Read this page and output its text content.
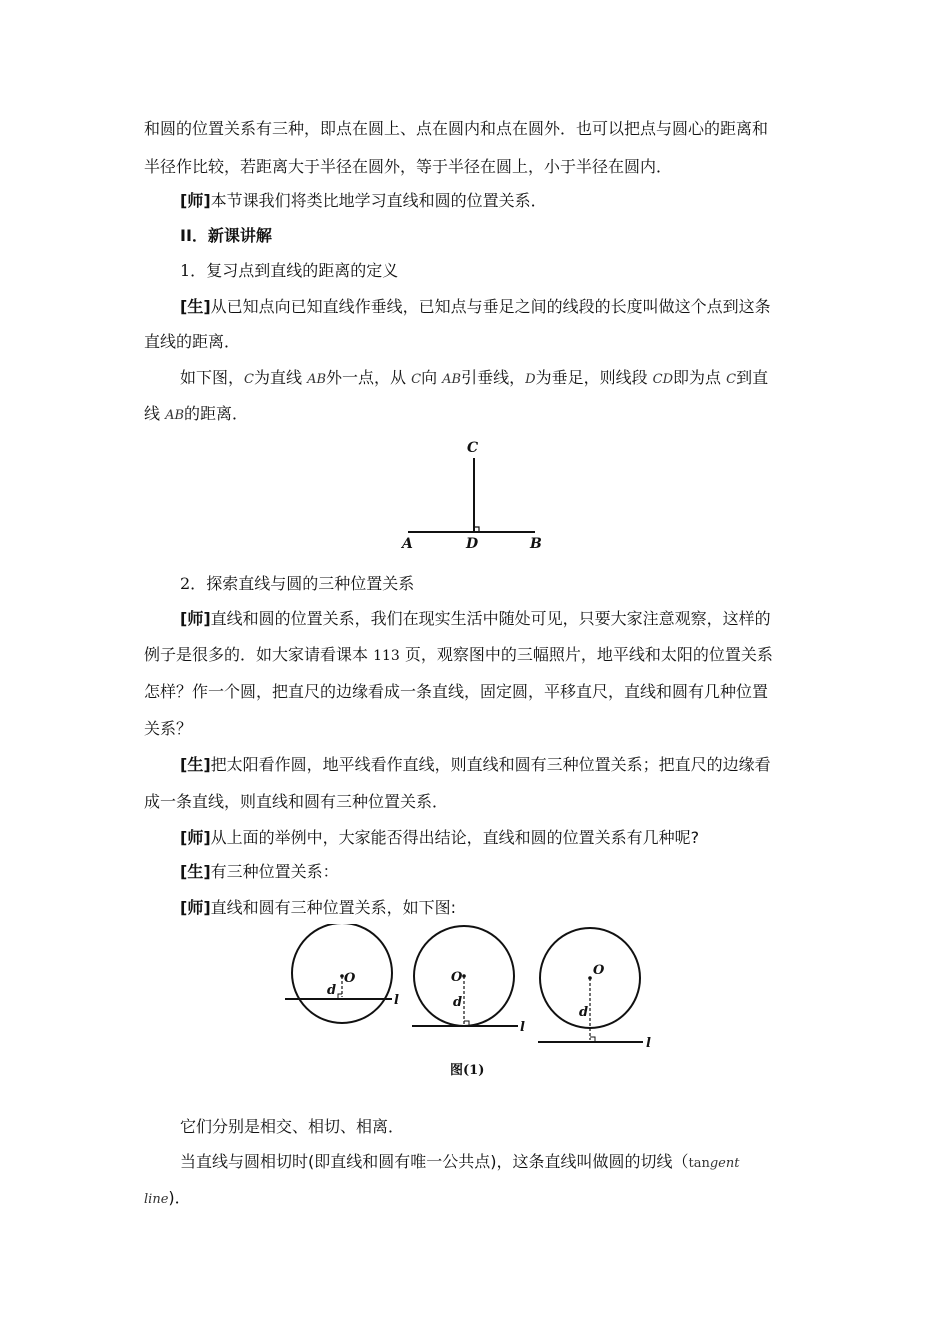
和圆的位置关系有三种，即点在圆上、点在圆内和点在圆外．也可以把点与圆心的距离和
半径作比较，若距离大于半径在圆外，等于半径在圆上，小于半径在圆内．
[师]本节课我们将类比地学习直线和圆的位置关系．
II．新课讲解
1．复习点到直线的距离的定义
[生]从已知点向已知直线作垂线，已知点与垂足之间的线段的长度叫做这个点到这条
直线的距离．
如下图，C为直线 AB外一点，从 C向 AB引垂线，D为垂足，则线段 CD即为点 C到直
线 AB的距离．
C
A	D	B
2．探索直线与圆的三种位置关系
[师]直线和圆的位置关系，我们在现实生活中随处可见，只要大家注意观察，这样的
例子是很多的．如大家请看课本 113 页，观察图中的三幅照片，地平线和太阳的位置关系
怎样？作一个圆，把直尺的边缘看成一条直线，固定圆，平移直尺，直线和圆有几种位置
关系？
[生]把太阳看作圆，地平线看作直线，则直线和圆有三种位置关系；把直尺的边缘看
成一条直线，则直线和圆有三种位置关系．
[师]从上面的举例中，大家能否得出结论，直线和圆的位置关系有几种呢?
[生]有三种位置关系：
[师]直线和圆有三种位置关系，如下图:
O
d
l
O
d
l
O
d
l
图(1)
它们分别是相交、相切、相离．
当直线与圆相切时(即直线和圆有唯一公共点)，这条直线叫做圆的切线（tangent
line)．
